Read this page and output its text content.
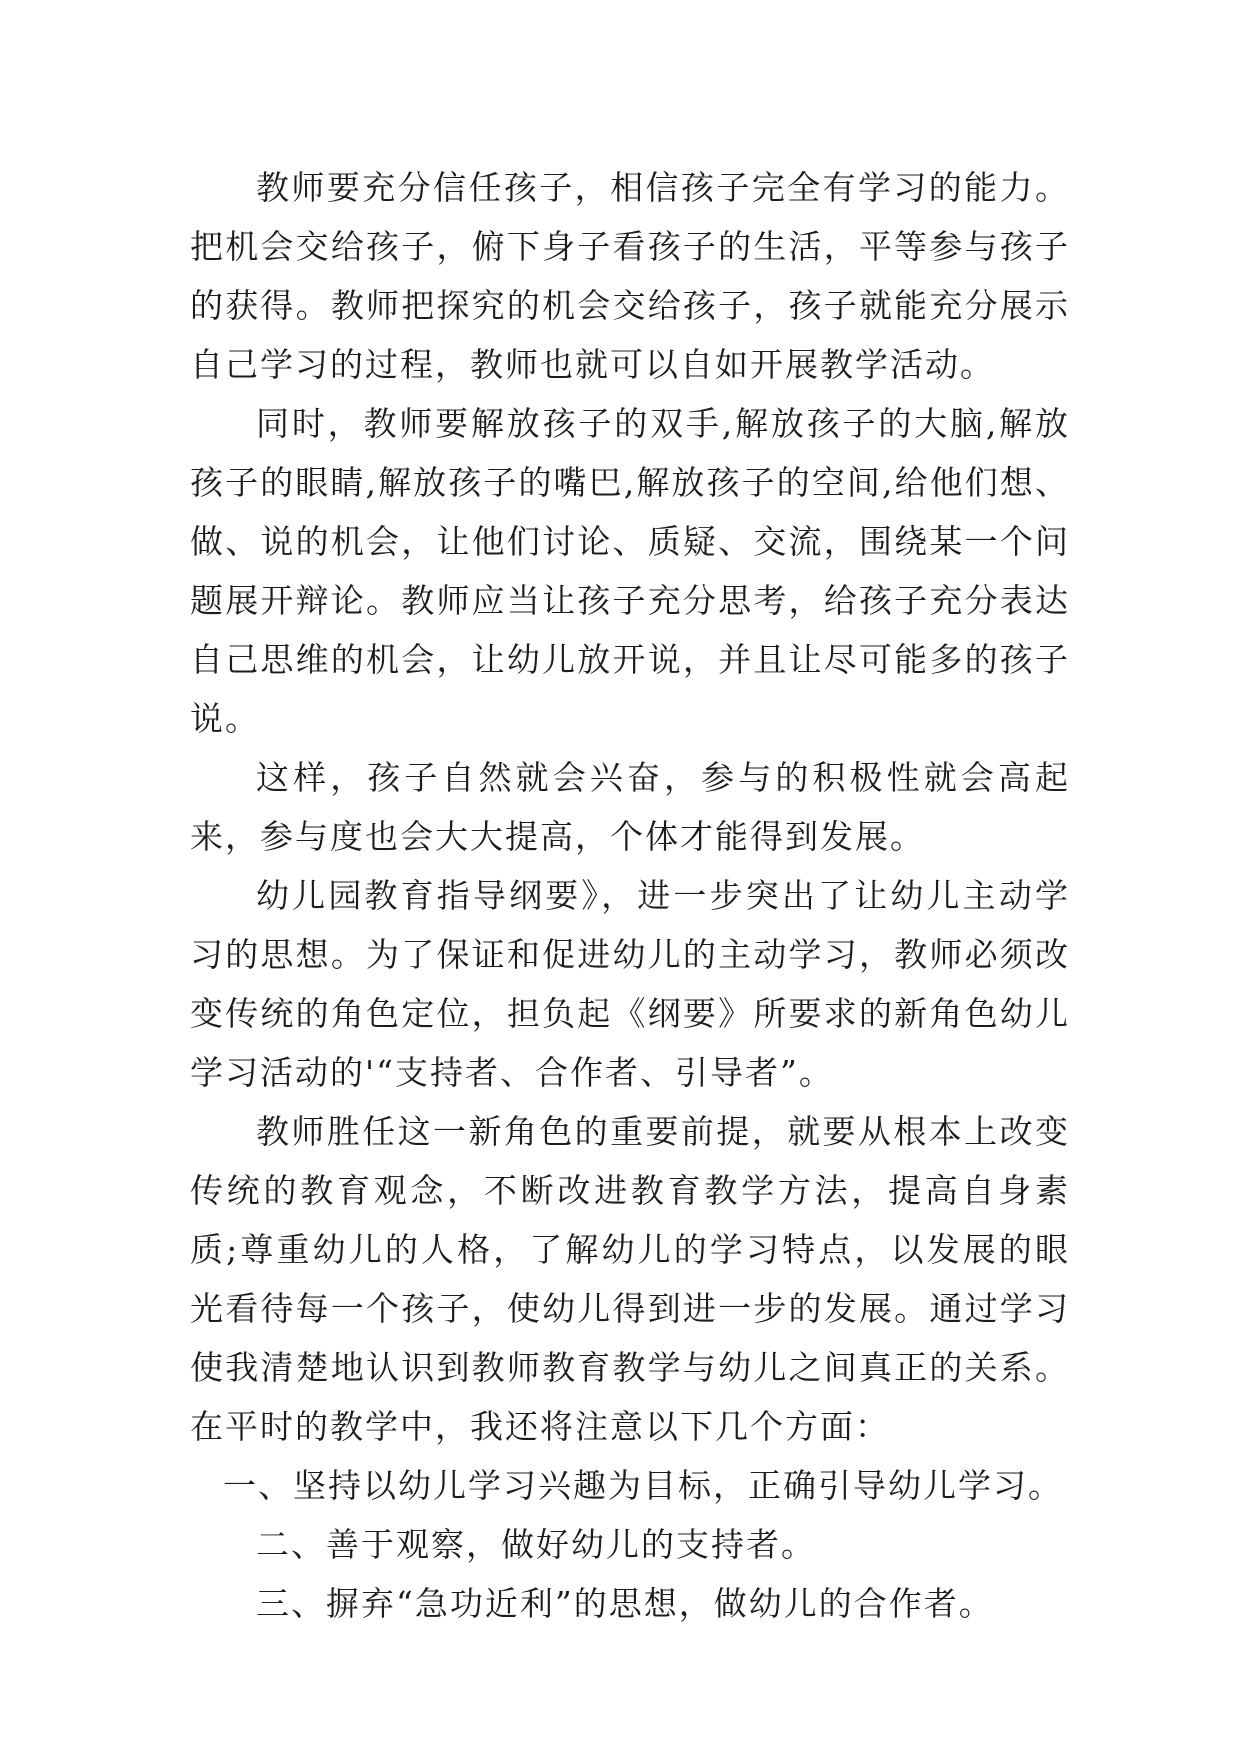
教师要充分信任孩子，相信孩子完全有学习的能力。把机会交给孩子，俯下身子看孩子的生活，平等参与孩子的获得。教师把探究的机会交给孩子，孩子就能充分展示自己学习的过程，教师也就可以自如开展教学活动。

同时，教师要解放孩子的双手,解放孩子的大脑,解放孩子的眼睛,解放孩子的嘴巴,解放孩子的空间,给他们想、做、说的机会，让他们讨论、质疑、交流，围绕某一个问题展开辩论。教师应当让孩子充分思考，给孩子充分表达自己思维的机会，让幼儿放开说，并且让尽可能多的孩子说。

这样，孩子自然就会兴奋，参与的积极性就会高起来，参与度也会大大提高，个体才能得到发展。

幼儿园教育指导纲要》，进一步突出了让幼儿主动学习的思想。为了保证和促进幼儿的主动学习，教师必须改变传统的角色定位，担负起《纲要》所要求的新角色幼儿学习活动的'“支持者、合作者、引导者”。

教师胜任这一新角色的重要前提，就要从根本上改变传统的教育观念，不断改进教育教学方法，提高自身素质;尊重幼儿的人格，了解幼儿的学习特点，以发展的眼光看待每一个孩子，使幼儿得到进一步的发展。通过学习使我清楚地认识到教师教育教学与幼儿之间真正的关系。在平时的教学中，我还将注意以下几个方面：

一、坚持以幼儿学习兴趣为目标，正确引导幼儿学习。

二、善于观察，做好幼儿的支持者。

三、摒弃“急功近利”的思想，做幼儿的合作者。
